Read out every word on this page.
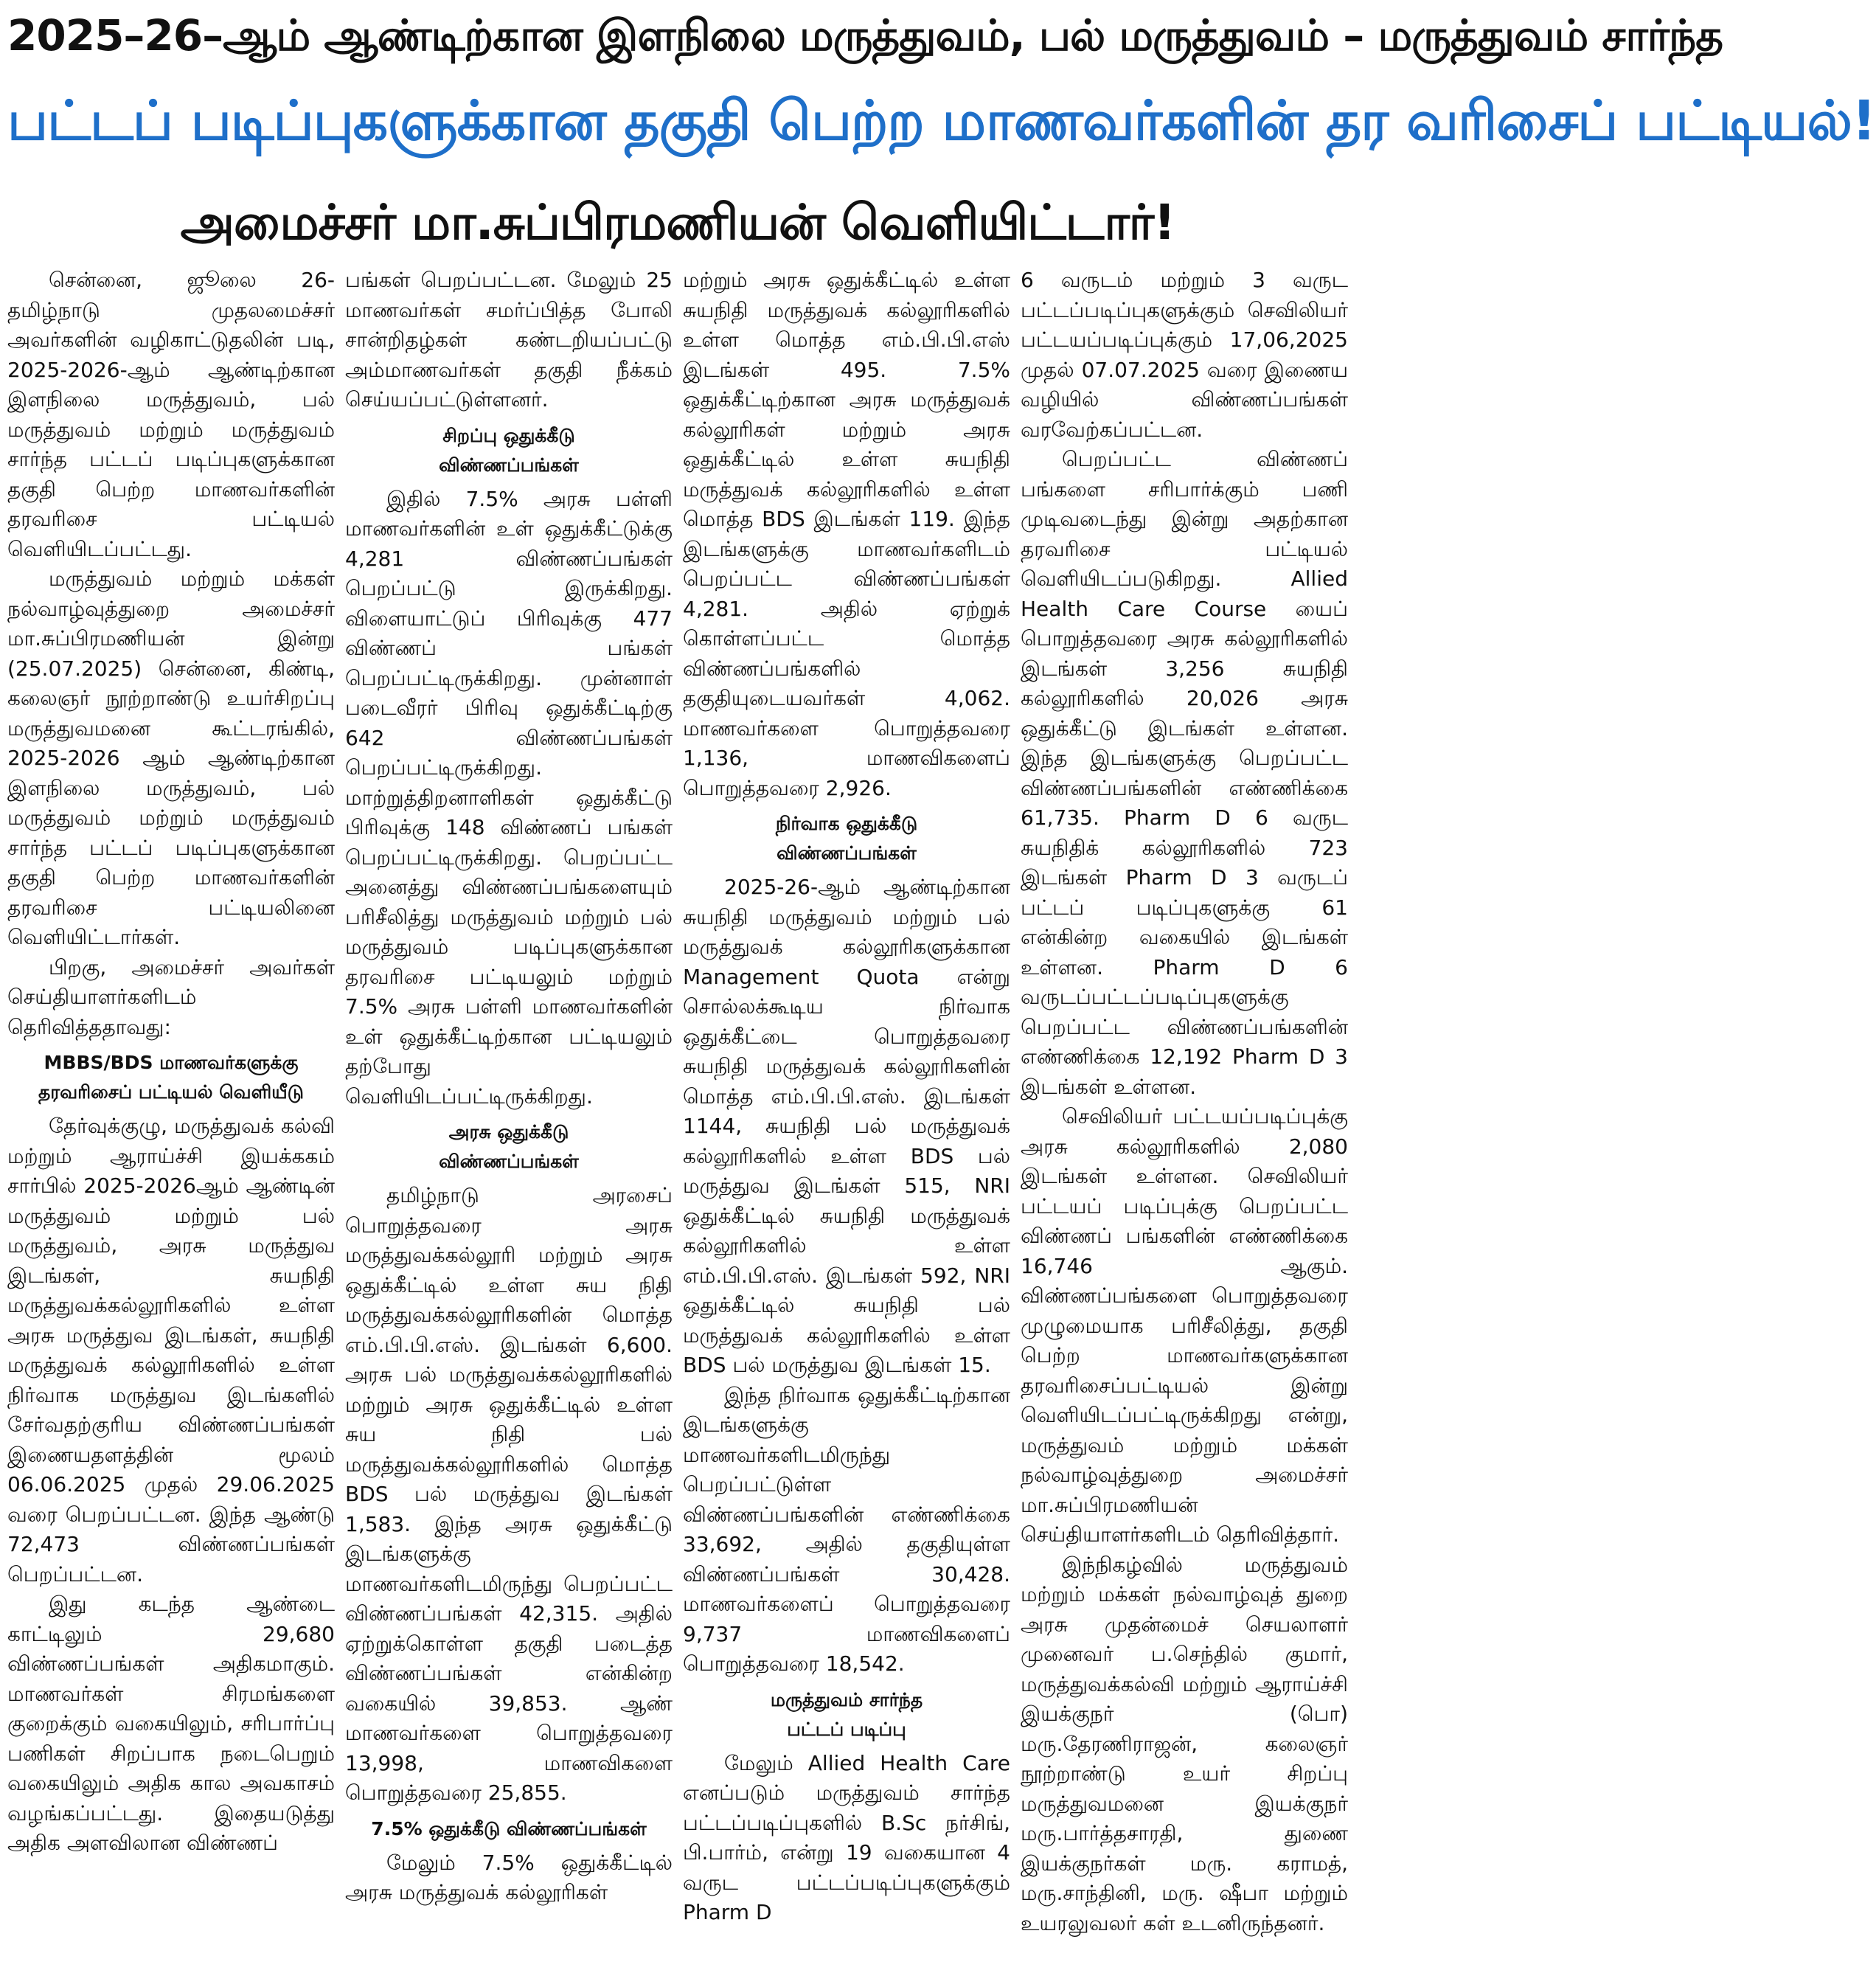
2025–26–ஆம் ஆண்டிற்கான இளநிலை மருத்துவம், பல் மருத்துவம் – மருத்துவம் சார்ந்த
பட்டப் படிப்புகளுக்கான தகுதி பெற்ற மாணவர்களின் தர வரிசைப் பட்டியல்!
அமைச்சர் மா.சுப்பிரமணியன் வெளியிட்டார்!

சென்னை, ஜூலை 26- தமிழ்நாடு முதலமைச்சர் அவர்களின் வழிகாட்டுதலின் படி, 2025-2026-ஆம் ஆண்டிற்கான இளநிலை மருத்துவம், பல் மருத்துவம் மற்றும் மருத்துவம் சார்ந்த பட்டப் படிப்புகளுக்கான தகுதி பெற்ற மாணவர்களின் தரவரிசை பட்டியல் வெளியிடப்பட்டது.

மருத்துவம் மற்றும் மக்கள் நல்வாழ்வுத்துறை அமைச்சர் மா.சுப்பிரமணியன் இன்று (25.07.2025) சென்னை, கிண்டி, கலைஞர் நூற்றாண்டு உயர்சிறப்பு மருத்துவமனை கூட்டரங்கில், 2025-2026 ஆம் ஆண்டிற்கான இளநிலை மருத்துவம், பல் மருத்துவம் மற்றும் மருத்துவம் சார்ந்த பட்டப் படிப்புகளுக்கான தகுதி பெற்ற மாணவர்களின் தரவரிசை பட்டியலினை வெளியிட்டார்கள்.

பிறகு, அமைச்சர் அவர்கள் செய்தியாளர்களிடம் தெரிவித்ததாவது:

MBBS/BDS மாணவர்களுக்கு
தரவரிசைப் பட்டியல் வெளியீடு

தேர்வுக்குழு, மருத்துவக் கல்வி மற்றும் ஆராய்ச்சி இயக்ககம் சார்பில் 2025-2026ஆம் ஆண்டின் மருத்துவம் மற்றும் பல் மருத்துவம், அரசு மருத்துவ இடங்கள், சுயநிதி மருத்துவக்கல்லூரிகளில் உள்ள அரசு மருத்துவ இடங்கள், சுயநிதி மருத்துவக் கல்லூரிகளில் உள்ள நிர்வாக மருத்துவ இடங்களில் சேர்வதற்குரிய விண்ணப்பங்கள் இணையதளத்தின் மூலம் 06.06.2025 முதல் 29.06.2025 வரை பெறப்பட்டன. இந்த ஆண்டு 72,473 விண்ணப்பங்கள் பெறப்பட்டன.

இது கடந்த ஆண்டை காட்டிலும் 29,680 விண்ணப்பங்கள் அதிகமாகும். மாணவர்கள் சிரமங்களை குறைக்கும் வகையிலும், சரிபார்ப்பு பணிகள் சிறப்பாக நடைபெறும் வகையிலும் அதிக கால அவகாசம் வழங்கப்பட்டது. இதையடுத்து அதிக அளவிலான விண்ணப்

பங்கள் பெறப்பட்டன. மேலும் 25 மாணவர்கள் சமர்ப்பித்த போலி சான்றிதழ்கள் கண்டறியப்பட்டு அம்மாணவர்கள் தகுதி நீக்கம் செய்யப்பட்டுள்ளனர்.

சிறப்பு ஒதுக்கீடு
விண்ணப்பங்கள்

இதில் 7.5% அரசு பள்ளி மாணவர்களின் உள் ஒதுக்கீட்டுக்கு 4,281 விண்ணப்பங்கள் பெறப்பட்டு இருக்கிறது. விளையாட்டுப் பிரிவுக்கு 477 விண்ணப் பங்கள் பெறப்பட்டிருக்கிறது. முன்னாள் படைவீரர் பிரிவு ஒதுக்கீட்டிற்கு 642 விண்ணப்பங்கள் பெறப்பட்டிருக்கிறது. மாற்றுத்திறனாளிகள் ஒதுக்கீட்டு பிரிவுக்கு 148 விண்ணப் பங்கள் பெறப்பட்டிருக்கிறது. பெறப்பட்ட அனைத்து விண்ணப்பங்களையும் பரிசீலித்து மருத்துவம் மற்றும் பல் மருத்துவம் படிப்புகளுக்கான தரவரிசை பட்டியலும் மற்றும் 7.5% அரசு பள்ளி மாணவர்களின் உள் ஒதுக்கீட்டிற்கான பட்டியலும் தற்போது வெளியிடப்பட்டிருக்கிறது.

அரசு ஒதுக்கீடு
விண்ணப்பங்கள்

தமிழ்நாடு அரசைப் பொறுத்தவரை அரசு மருத்துவக்கல்லூரி மற்றும் அரசு ஒதுக்கீட்டில் உள்ள சுய நிதி மருத்துவக்கல்லூரிகளின் மொத்த எம்.பி.பி.எஸ். இடங்கள் 6,600. அரசு பல் மருத்துவக்கல்லூரிகளில் மற்றும் அரசு ஒதுக்கீட்டில் உள்ள சுய நிதி பல் மருத்துவக்கல்லூரிகளில் மொத்த BDS பல் மருத்துவ இடங்கள் 1,583. இந்த அரசு ஒதுக்கீட்டு இடங்களுக்கு மாணவர்களிடமிருந்து பெறப்பட்ட விண்ணப்பங்கள் 42,315. அதில் ஏற்றுக்கொள்ள தகுதி படைத்த விண்ணப்பங்கள் என்கின்ற வகையில் 39,853. ஆண் மாணவர்களை பொறுத்தவரை 13,998, மாணவிகளை பொறுத்தவரை 25,855.

7.5% ஒதுக்கீடு விண்ணப்பங்கள்

மேலும் 7.5% ஒதுக்கீட்டில் அரசு மருத்துவக் கல்லூரிகள்

மற்றும் அரசு ஒதுக்கீட்டில் உள்ள சுயநிதி மருத்துவக் கல்லூரிகளில் உள்ள மொத்த எம்.பி.பி.எஸ் இடங்கள் 495. 7.5% ஒதுக்கீட்டிற்கான அரசு மருத்துவக் கல்லூரிகள் மற்றும் அரசு ஒதுக்கீட்டில் உள்ள சுயநிதி மருத்துவக் கல்லூரிகளில் உள்ள மொத்த BDS இடங்கள் 119. இந்த இடங்களுக்கு மாணவர்களிடம் பெறப்பட்ட விண்ணப்பங்கள் 4,281. அதில் ஏற்றுக் கொள்ளப்பட்ட மொத்த விண்ணப்பங்களில் தகுதியுடையவர்கள் 4,062. மாணவர்களை பொறுத்தவரை 1,136, மாணவிகளைப் பொறுத்தவரை 2,926.

நிர்வாக ஒதுக்கீடு
விண்ணப்பங்கள்

2025-26-ஆம் ஆண்டிற்கான சுயநிதி மருத்துவம் மற்றும் பல் மருத்துவக் கல்லூரிகளுக்கான Management Quota என்று சொல்லக்கூடிய நிர்வாக ஒதுக்கீட்டை பொறுத்தவரை சுயநிதி மருத்துவக் கல்லூரிகளின் மொத்த எம்.பி.பி.எஸ். இடங்கள் 1144, சுயநிதி பல் மருத்துவக் கல்லூரிகளில் உள்ள BDS பல் மருத்துவ இடங்கள் 515, NRI ஒதுக்கீட்டில் சுயநிதி மருத்துவக் கல்லூரிகளில் உள்ள எம்.பி.பி.எஸ். இடங்கள் 592, NRI ஒதுக்கீட்டில் சுயநிதி பல் மருத்துவக் கல்லூரிகளில் உள்ள BDS பல் மருத்துவ இடங்கள் 15.

இந்த நிர்வாக ஒதுக்கீட்டிற்கான இடங்களுக்கு மாணவர்களிடமிருந்து பெறப்பட்டுள்ள விண்ணப்பங்களின் எண்ணிக்கை 33,692, அதில் தகுதியுள்ள விண்ணப்பங்கள் 30,428. மாணவர்களைப் பொறுத்தவரை 9,737 மாணவிகளைப் பொறுத்தவரை 18,542.

மருத்துவம் சார்ந்த
பட்டப் படிப்பு

மேலும் Allied Health Care எனப்படும் மருத்துவம் சார்ந்த பட்டப்படிப்புகளில் B.Sc நர்சிங், பி.பார்ம், என்று 19 வகையான 4 வருட பட்டப்படிப்புகளுக்கும் Pharm D

6 வருடம் மற்றும் 3 வருட பட்டப்படிப்புகளுக்கும் செவிலியர் பட்டயப்படிப்புக்கும் 17,06,2025 முதல் 07.07.2025 வரை இணைய வழியில் விண்ணப்பங்கள் வரவேற்கப்பட்டன.

பெறப்பட்ட விண்ணப் பங்களை சரிபார்க்கும் பணி முடிவடைந்து இன்று அதற்கான தரவரிசை பட்டியல் வெளியிடப்படுகிறது. Allied Health Care Course யைப் பொறுத்தவரை அரசு கல்லூரிகளில் இடங்கள் 3,256 சுயநிதி கல்லூரிகளில் 20,026 அரசு ஒதுக்கீட்டு இடங்கள் உள்ளன. இந்த இடங்களுக்கு பெறப்பட்ட விண்ணப்பங்களின் எண்ணிக்கை 61,735. Pharm D 6 வருட சுயநிதிக் கல்லூரிகளில் 723 இடங்கள் Pharm D 3 வருடப் பட்டப் படிப்புகளுக்கு 61 என்கின்ற வகையில் இடங்கள் உள்ளன. Pharm D 6 வருடப்பட்டப்படிப்புகளுக்கு பெறப்பட்ட விண்ணப்பங்களின் எண்ணிக்கை 12,192 Pharm D 3 இடங்கள் உள்ளன.

செவிலியர் பட்டயப்படிப்புக்கு அரசு கல்லூரிகளில் 2,080 இடங்கள் உள்ளன. செவிலியர் பட்டயப் படிப்புக்கு பெறப்பட்ட விண்ணப் பங்களின் எண்ணிக்கை 16,746 ஆகும். விண்ணப்பங்களை பொறுத்தவரை முழுமையாக பரிசீலித்து, தகுதி பெற்ற மாணவர்களுக்கான தரவரிசைப்பட்டியல் இன்று வெளியிடப்பட்டிருக்கிறது என்று, மருத்துவம் மற்றும் மக்கள் நல்வாழ்வுத்துறை அமைச்சர் மா.சுப்பிரமணியன் செய்தியாளர்களிடம் தெரிவித்தார்.

இந்நிகழ்வில் மருத்துவம் மற்றும் மக்கள் நல்வாழ்வுத் துறை அரசு முதன்மைச் செயலாளர் முனைவர் ப.செந்தில் குமார், மருத்துவக்கல்வி மற்றும் ஆராய்ச்சி இயக்குநர் (பொ) மரு.தேரணிராஜன், கலைஞர் நூற்றாண்டு உயர் சிறப்பு மருத்துவமனை இயக்குநர் மரு.பார்த்தசாரதி, துணை இயக்குநர்கள் மரு. கராமத், மரு.சாந்தினி, மரு. ஷீபா மற்றும் உயரலுவலர் கள் உடனிருந்தனர்.
